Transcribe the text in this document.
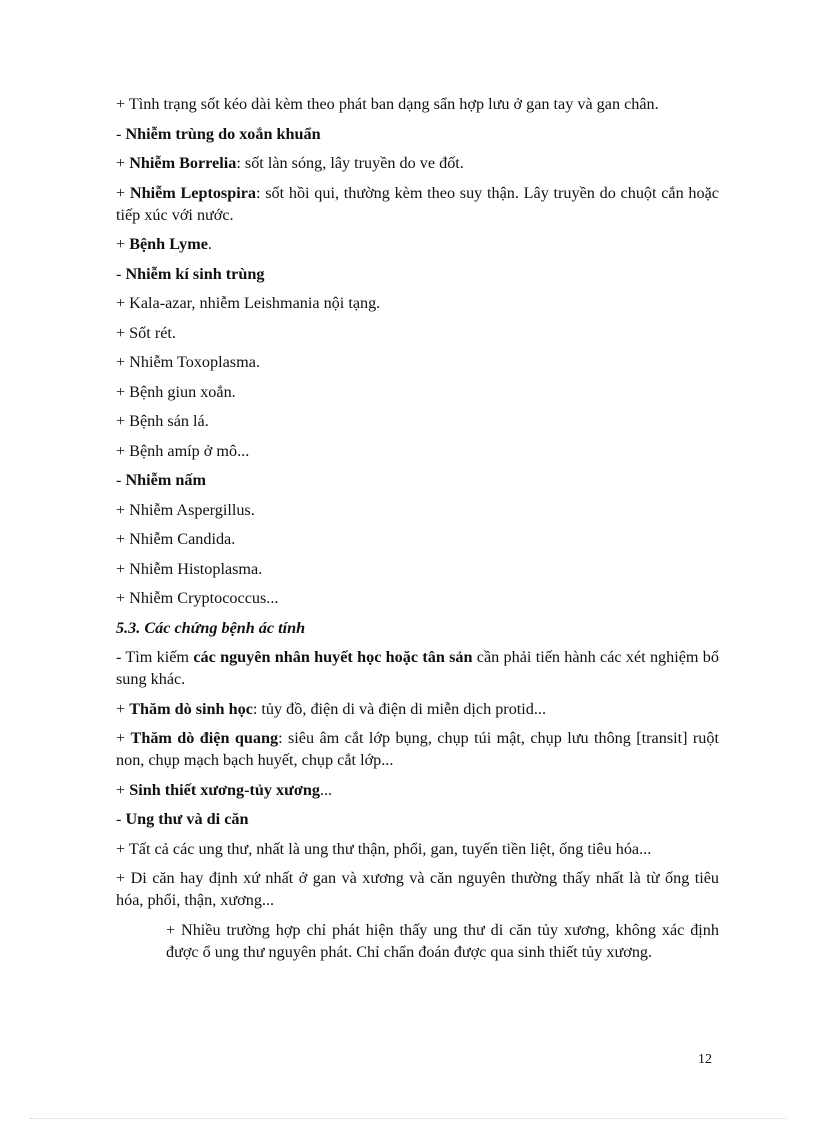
+ Tình trạng sốt kéo dài kèm theo phát ban dạng sẩn hợp lưu ở gan tay và gan chân.

- Nhiễm trùng do xoắn khuẩn

+ Nhiễm Borrelia: sốt làn sóng, lây truyền do ve đốt.

+ Nhiễm Leptospira: sốt hồi qui, thường kèm theo suy thận. Lây truyền do chuột cắn hoặc tiếp xúc với nước.

+ Bệnh Lyme.

- Nhiễm kí sinh trùng

+ Kala-azar, nhiễm Leishmania nội tạng.

+ Sốt rét.

+ Nhiễm Toxoplasma.

+ Bệnh giun xoắn.

+ Bệnh sán lá.

+ Bệnh amíp ở mô...

- Nhiễm nấm

+ Nhiễm Aspergillus.

+ Nhiễm Candida.

+ Nhiễm Histoplasma.

+ Nhiễm Cryptococcus...

5.3. Các chứng bệnh ác tính

- Tìm kiếm các nguyên nhân huyết học hoặc tân sản cần phải tiến hành các xét nghiệm bổ sung khác.

+ Thăm dò sinh học: tủy đồ, điện di và điện di miễn dịch protid...

+ Thăm dò điện quang: siêu âm cắt lớp bụng, chụp túi mật, chụp lưu thông [transit] ruột non, chụp mạch bạch huyết, chụp cắt lớp...

+ Sinh thiết xương-tủy xương...

- Ung thư và di căn

+ Tất cả các ung thư, nhất là ung thư thận, phổi, gan, tuyến tiền liệt, ống tiêu hóa...

+ Di căn hay định xứ nhất ở gan và xương và căn nguyên thường thấy nhất là từ ống tiêu hóa, phổi, thận, xương...

+ Nhiều trường hợp chỉ phát hiện thấy ung thư di căn tủy xương, không xác định được ổ ung thư nguyên phát. Chỉ chẩn đoán được qua sinh thiết tủy xương.

12
